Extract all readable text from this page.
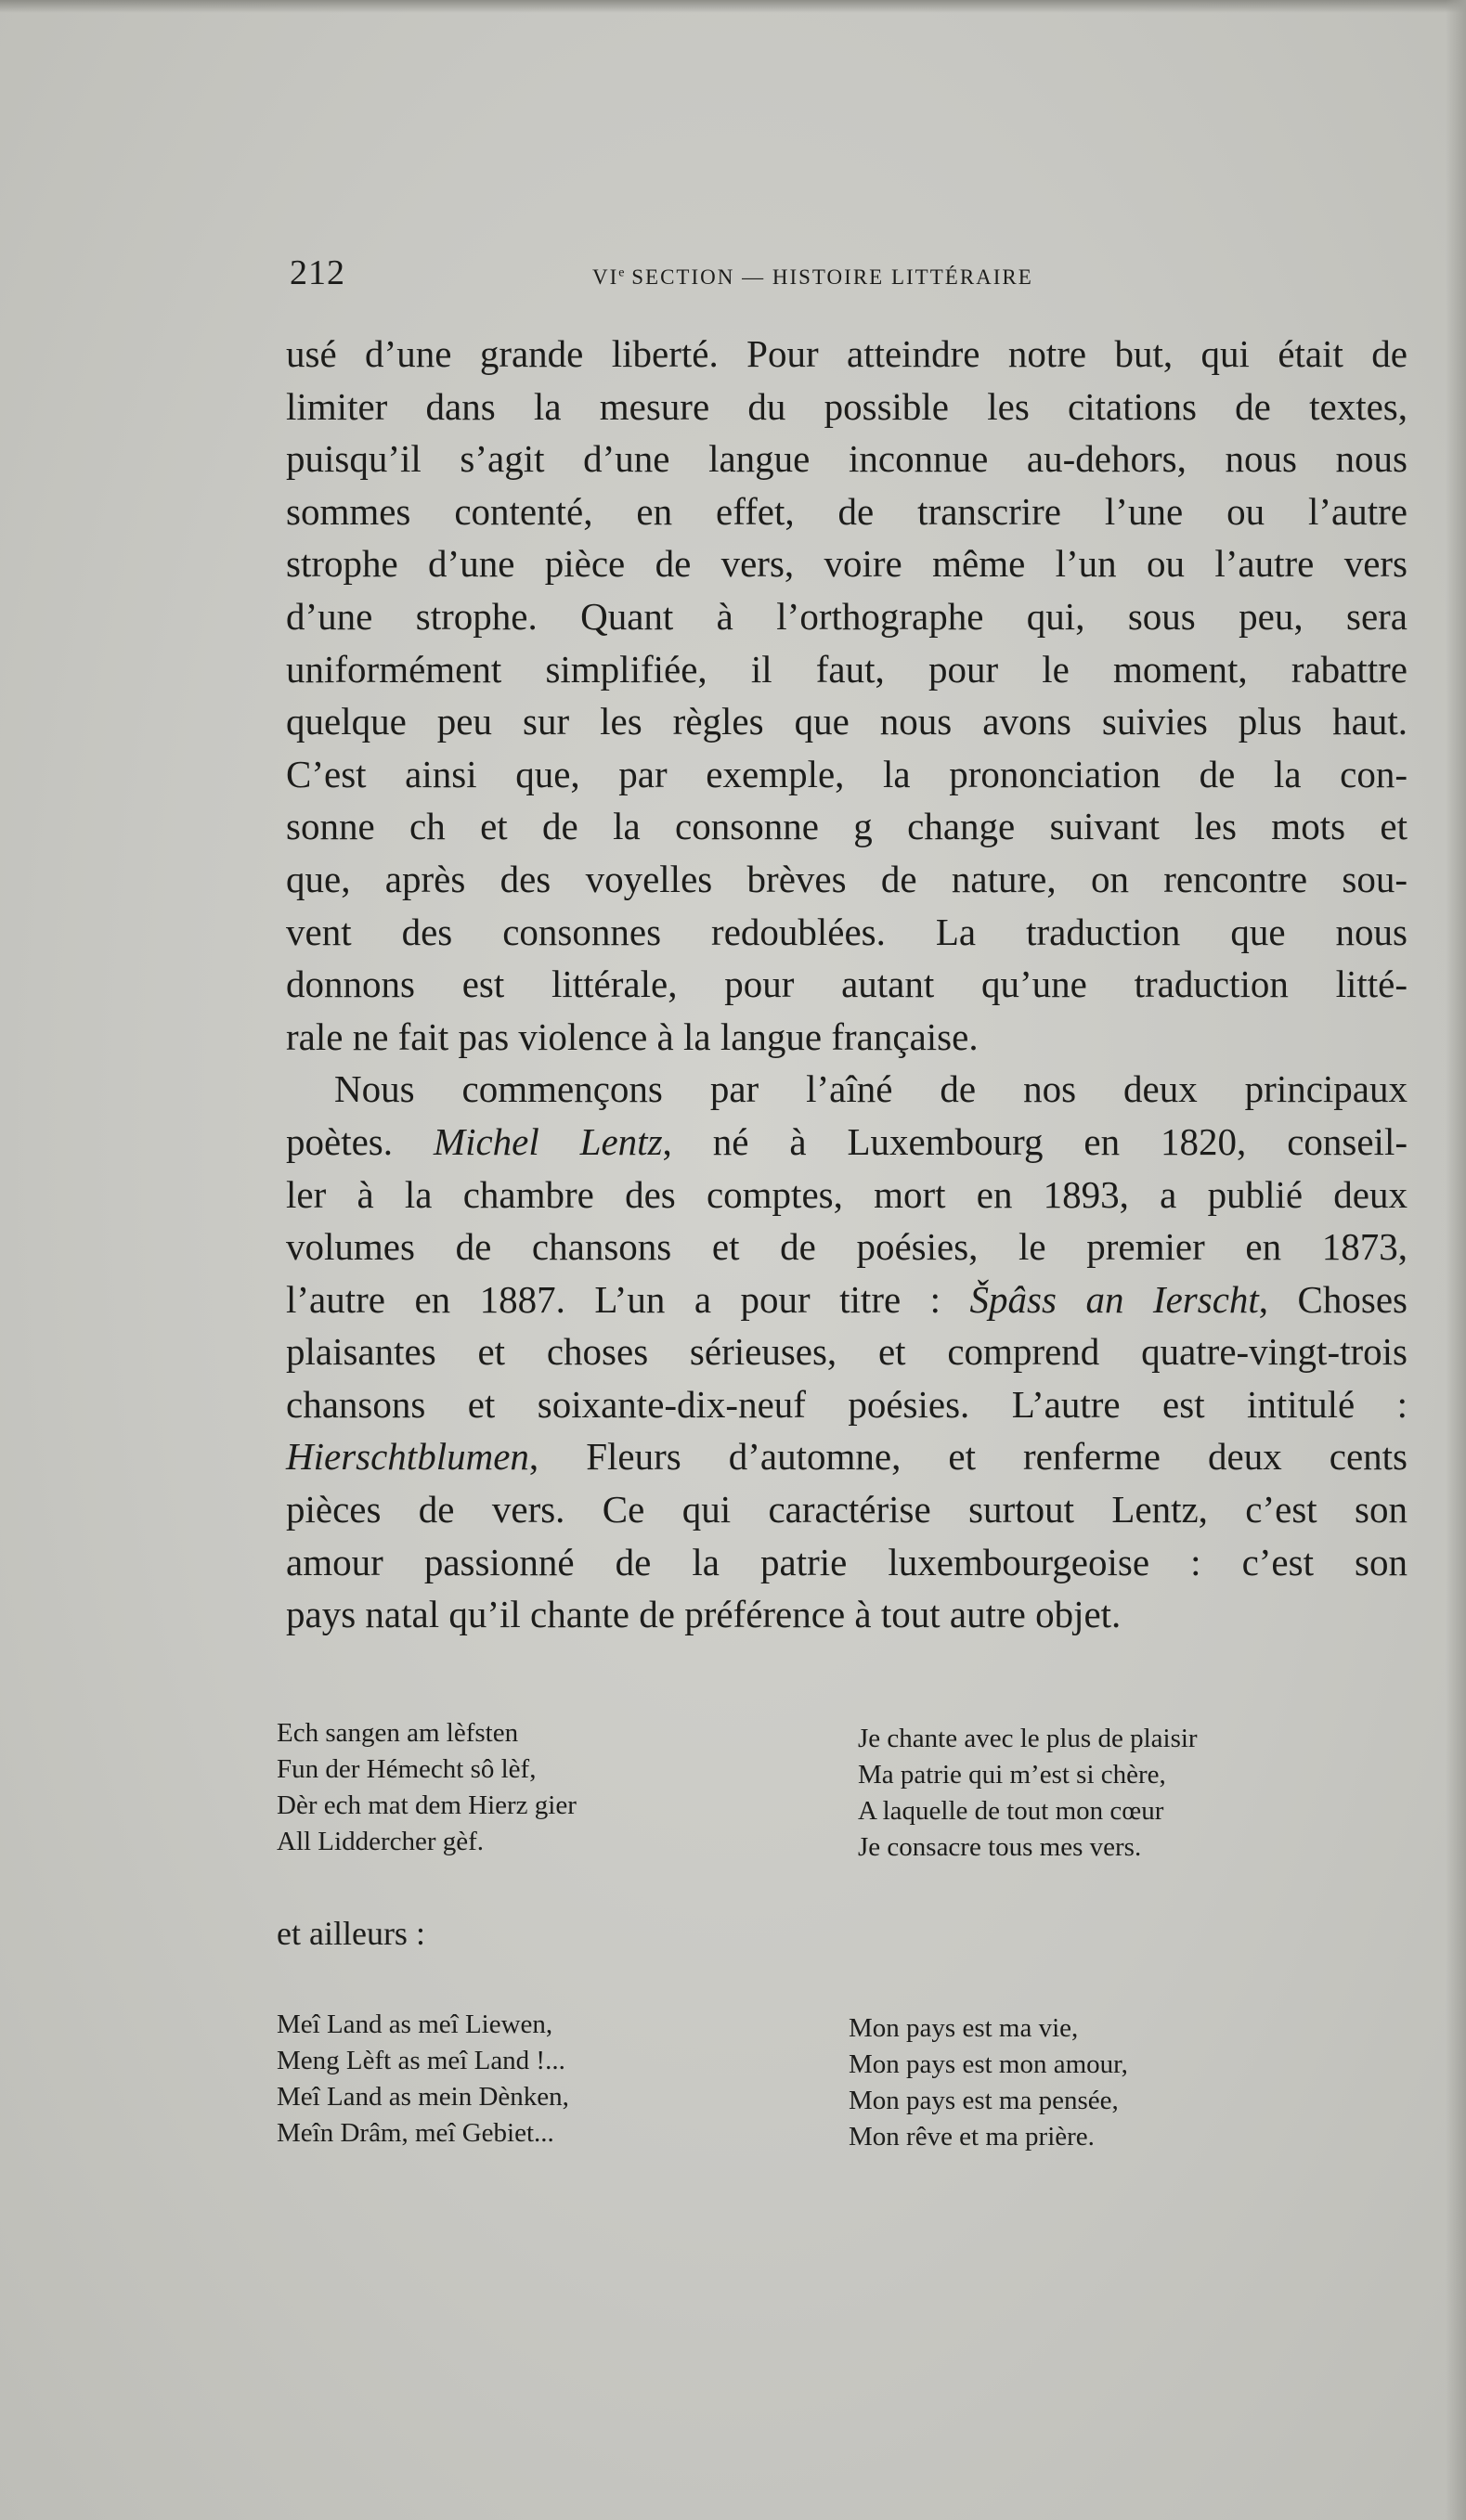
212	VIe SECTION — HISTOIRE LITTÉRAIRE
usé d’une grande liberté. Pour atteindre notre but, qui était de
limiter dans la mesure du possible les citations de textes,
puisqu’il s’agit d’une langue inconnue au-dehors, nous nous
sommes contenté, en effet, de transcrire l’une ou l’autre
strophe d’une pièce de vers, voire même l’un ou l’autre vers
d’une strophe. Quant à l’orthographe qui, sous peu, sera
uniformément simplifiée, il faut, pour le moment, rabattre
quelque peu sur les règles que nous avons suivies plus haut.
C’est ainsi que, par exemple, la prononciation de la con-
sonne ch et de la consonne g change suivant les mots et
que, après des voyelles brèves de nature, on rencontre sou-
vent des consonnes redoublées. La traduction que nous
donnons est littérale, pour autant qu’une traduction litté-
rale ne fait pas violence à la langue française.
Nous commençons par l’aîné de nos deux principaux
poètes. Michel Lentz, né à Luxembourg en 1820, conseil-
ler à la chambre des comptes, mort en 1893, a publié deux
volumes de chansons et de poésies, le premier en 1873,
l’autre en 1887. L’un a pour titre : Špâss an Ierscht, Choses
plaisantes et choses sérieuses, et comprend quatre-vingt-trois
chansons et soixante-dix-neuf poésies. L’autre est intitulé :
Hierschtblumen, Fleurs d’automne, et renferme deux cents
pièces de vers. Ce qui caractérise surtout Lentz, c’est son
amour passionné de la patrie luxembourgeoise : c’est son
pays natal qu’il chante de préférence à tout autre objet.
Ech sangen am lèfsten
Fun der Hémecht sô lèf,
Dèr ech mat dem Hierz gier
All Liddercher gèf.
Je chante avec le plus de plaisir
Ma patrie qui m’est si chère,
A laquelle de tout mon cœur
Je consacre tous mes vers.
et ailleurs :
Meî Land as meî Liewen,
Meng Lèft as meî Land !...
Meî Land as mein Dènken,
Meîn Drâm, meî Gebiet...
Mon pays est ma vie,
Mon pays est mon amour,
Mon pays est ma pensée,
Mon rêve et ma prière.
